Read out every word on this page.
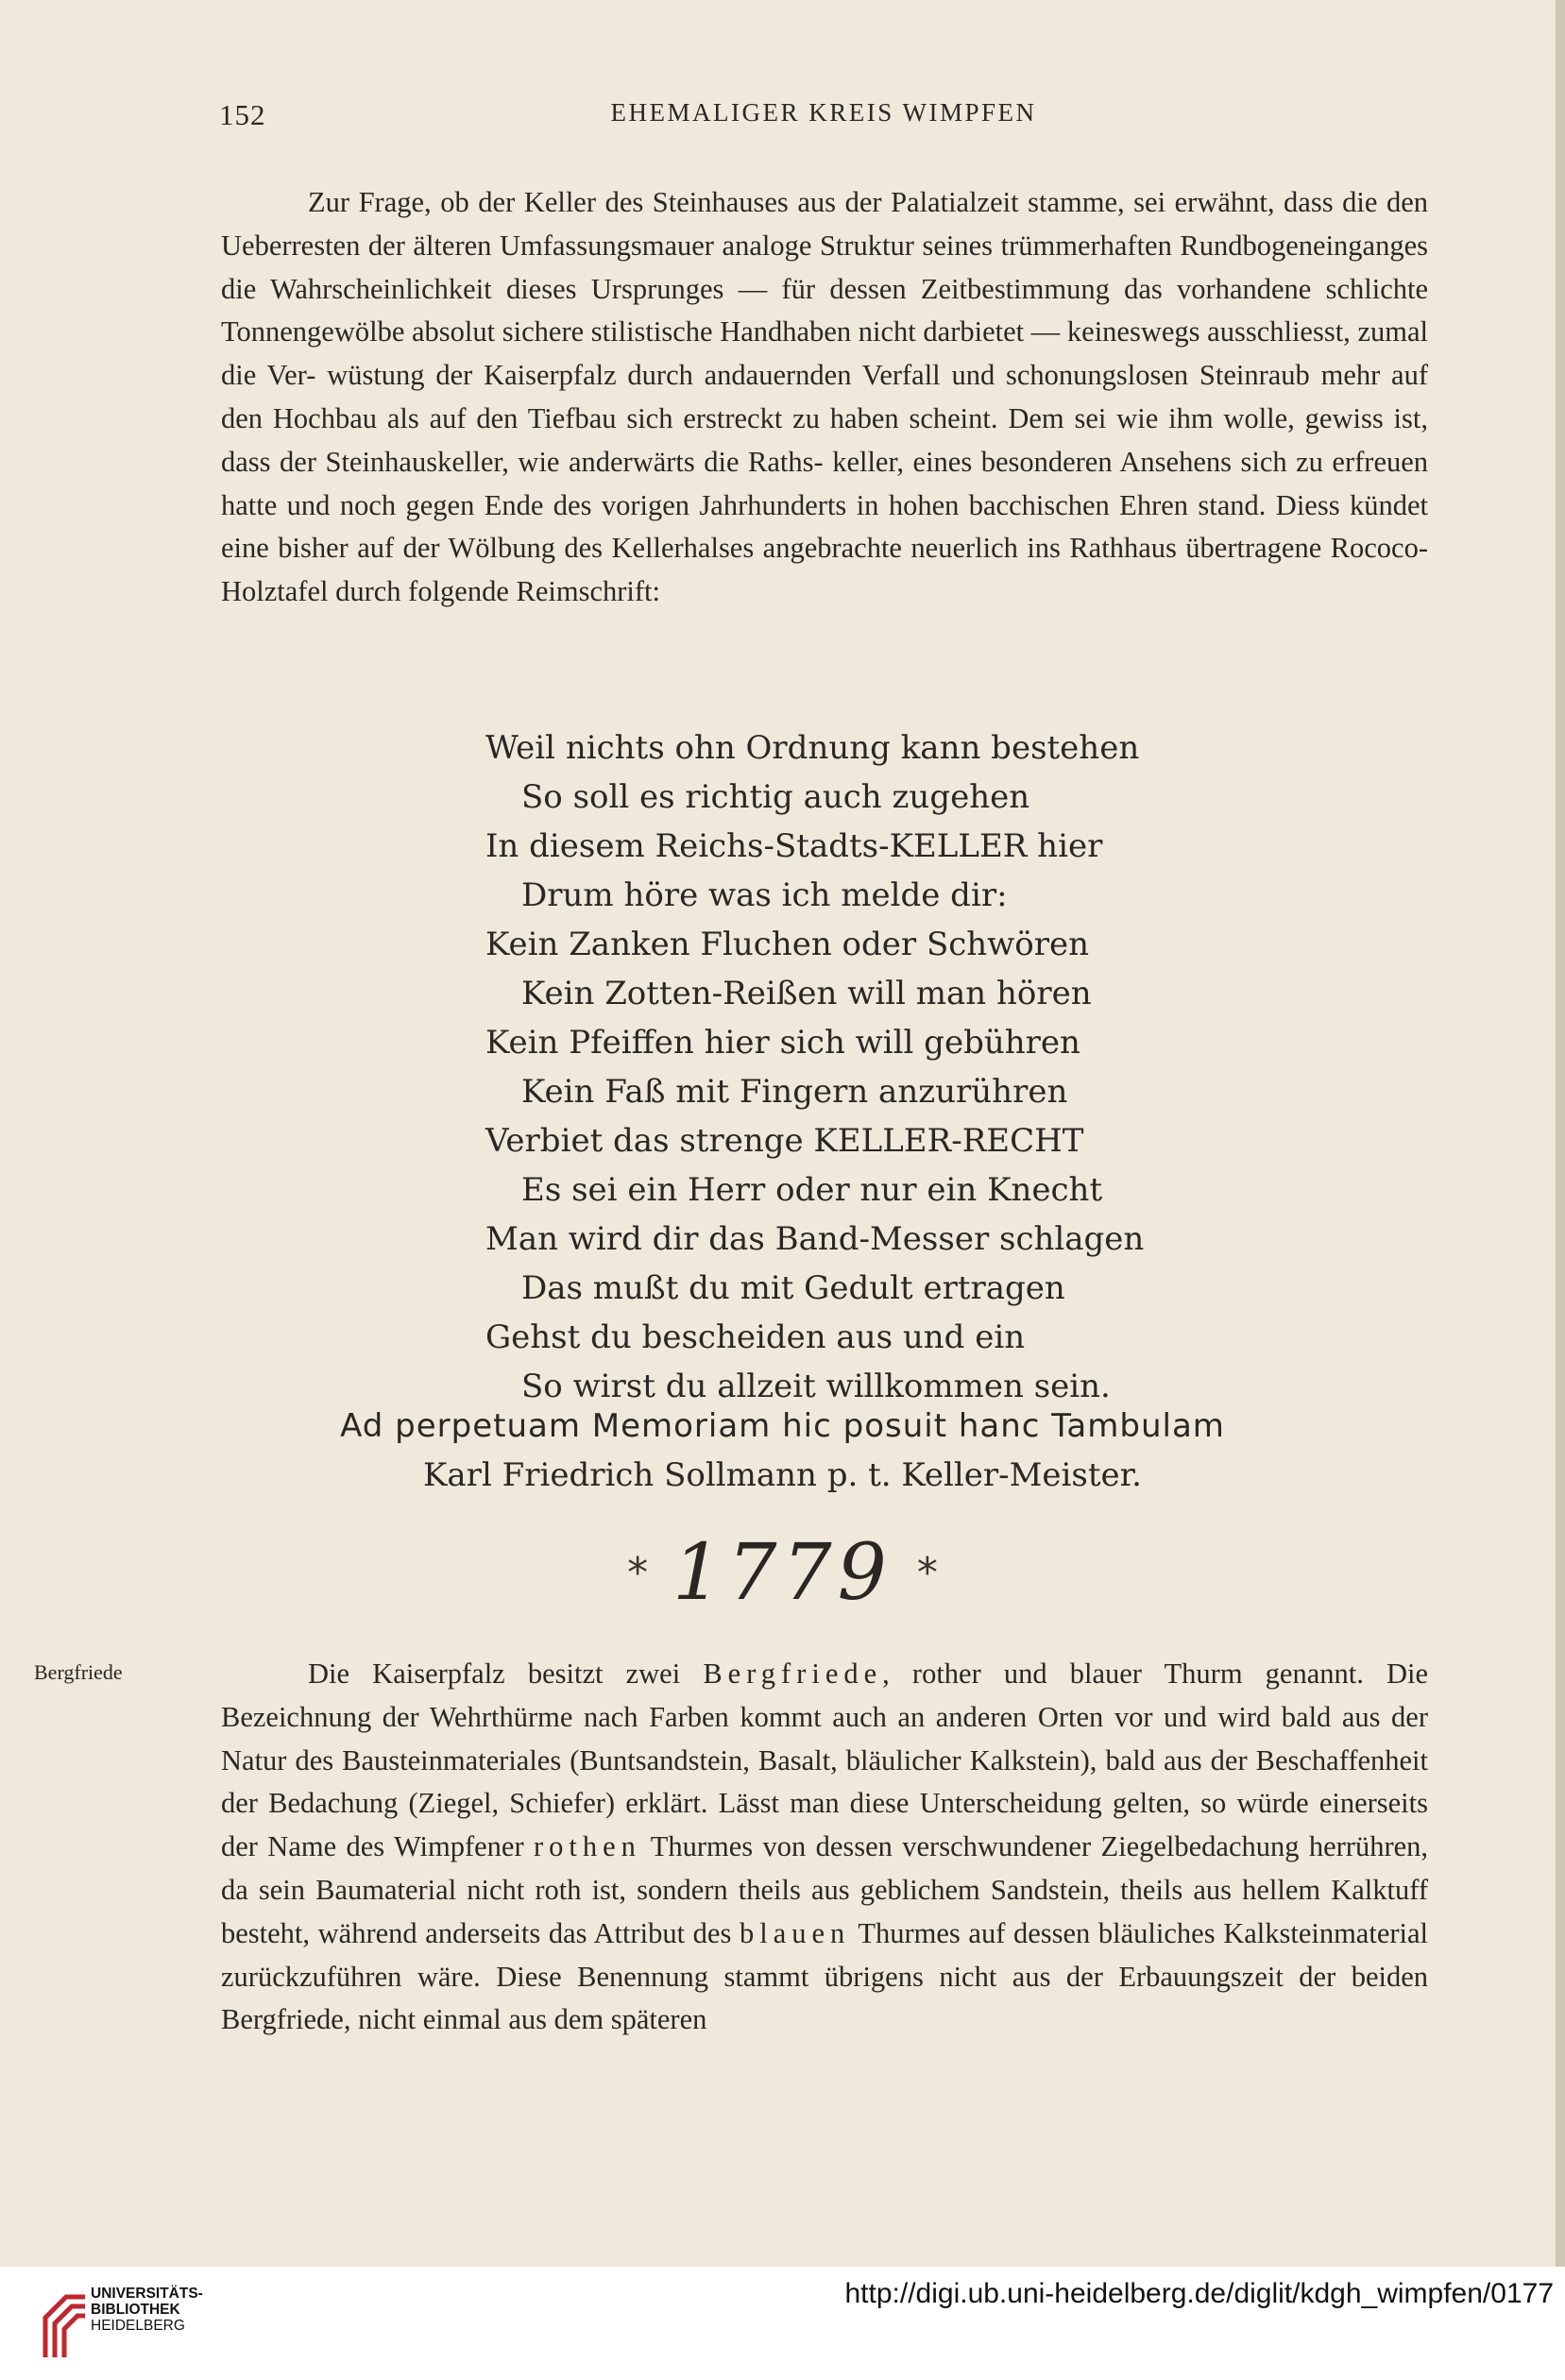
152	EHEMALIGER KREIS WIMPFEN
Zur Frage, ob der Keller des Steinhauses aus der Palatialzeit stamme, sei erwähnt, dass die den Ueberresten der älteren Umfassungsmauer analoge Struktur seines trümmerhaften Rundbogeneinganges die Wahrscheinlichkeit dieses Ursprunges — für dessen Zeitbestimmung das vorhandene schlichte Tonnengewölbe absolut sichere stilistische Handhaben nicht darbietet — keineswegs ausschliesst, zumal die Ver- wüstung der Kaiserpfalz durch andauernden Verfall und schonungslosen Steinraub mehr auf den Hochbau als auf den Tiefbau sich erstreckt zu haben scheint. Dem sei wie ihm wolle, gewiss ist, dass der Steinhauskeller, wie anderwärts die Raths- keller, eines besonderen Ansehens sich zu erfreuen hatte und noch gegen Ende des vorigen Jahrhunderts in hohen bacchischen Ehren stand. Diess kündet eine bisher auf der Wölbung des Kellerhalses angebrachte neuerlich ins Rathhaus übertragene Rococo-Holztafel durch folgende Reimschrift:
Weil nichts ohn Ordnung kann bestehen
So soll es richtig auch zugehen
In diesem Reichs-Stadts-KELLER hier
Drum höre was ich melde dir:
Kein Zanken Fluchen oder Schwören
Kein Zotten-Reißen will man hören
Kein Pfeiffen hier sich will gebühren
Kein Faß mit Fingern anzurühren
Verbiet das strenge KELLER-RECHT
Es sei ein Herr oder nur ein Knecht
Man wird dir das Band-Messer schlagen
Das mußt du mit Gedult ertragen
Gehst du bescheiden aus und ein
So wirst du allzeit willkommen sein.
Ad perpetuam Memoriam hic posuit hanc Tambulam
Karl Friedrich Sollmann p. t. Keller-Meister.
* 1779 *
Bergfriede	Die Kaiserpfalz besitzt zwei Bergfriede, rother und blauer Thurm genannt. Die Bezeichnung der Wehrthürme nach Farben kommt auch an anderen Orten vor und wird bald aus der Natur des Bausteinmateriales (Buntsandstein, Basalt, bläulicher Kalkstein), bald aus der Beschaffenheit der Bedachung (Ziegel, Schiefer) erklärt. Lässt man diese Unterscheidung gelten, so würde einerseits der Name des Wimpfener rothen Thurmes von dessen verschwundener Ziegelbedachung herrühren, da sein Baumaterial nicht roth ist, sondern theils aus geblichem Sandstein, theils aus hellem Kalktuff besteht, während anderseits das Attribut des blauen Thurmes auf dessen bläuliches Kalksteinmaterial zurückzuführen wäre. Diese Benennung stammt übrigens nicht aus der Erbauungszeit der beiden Bergfriede, nicht einmal aus dem späteren
UNIVERSITÄTS-
BIBLIOTHEK
HEIDELBERG
http://digi.ub.uni-heidelberg.de/diglit/kdgh_wimpfen/0177
